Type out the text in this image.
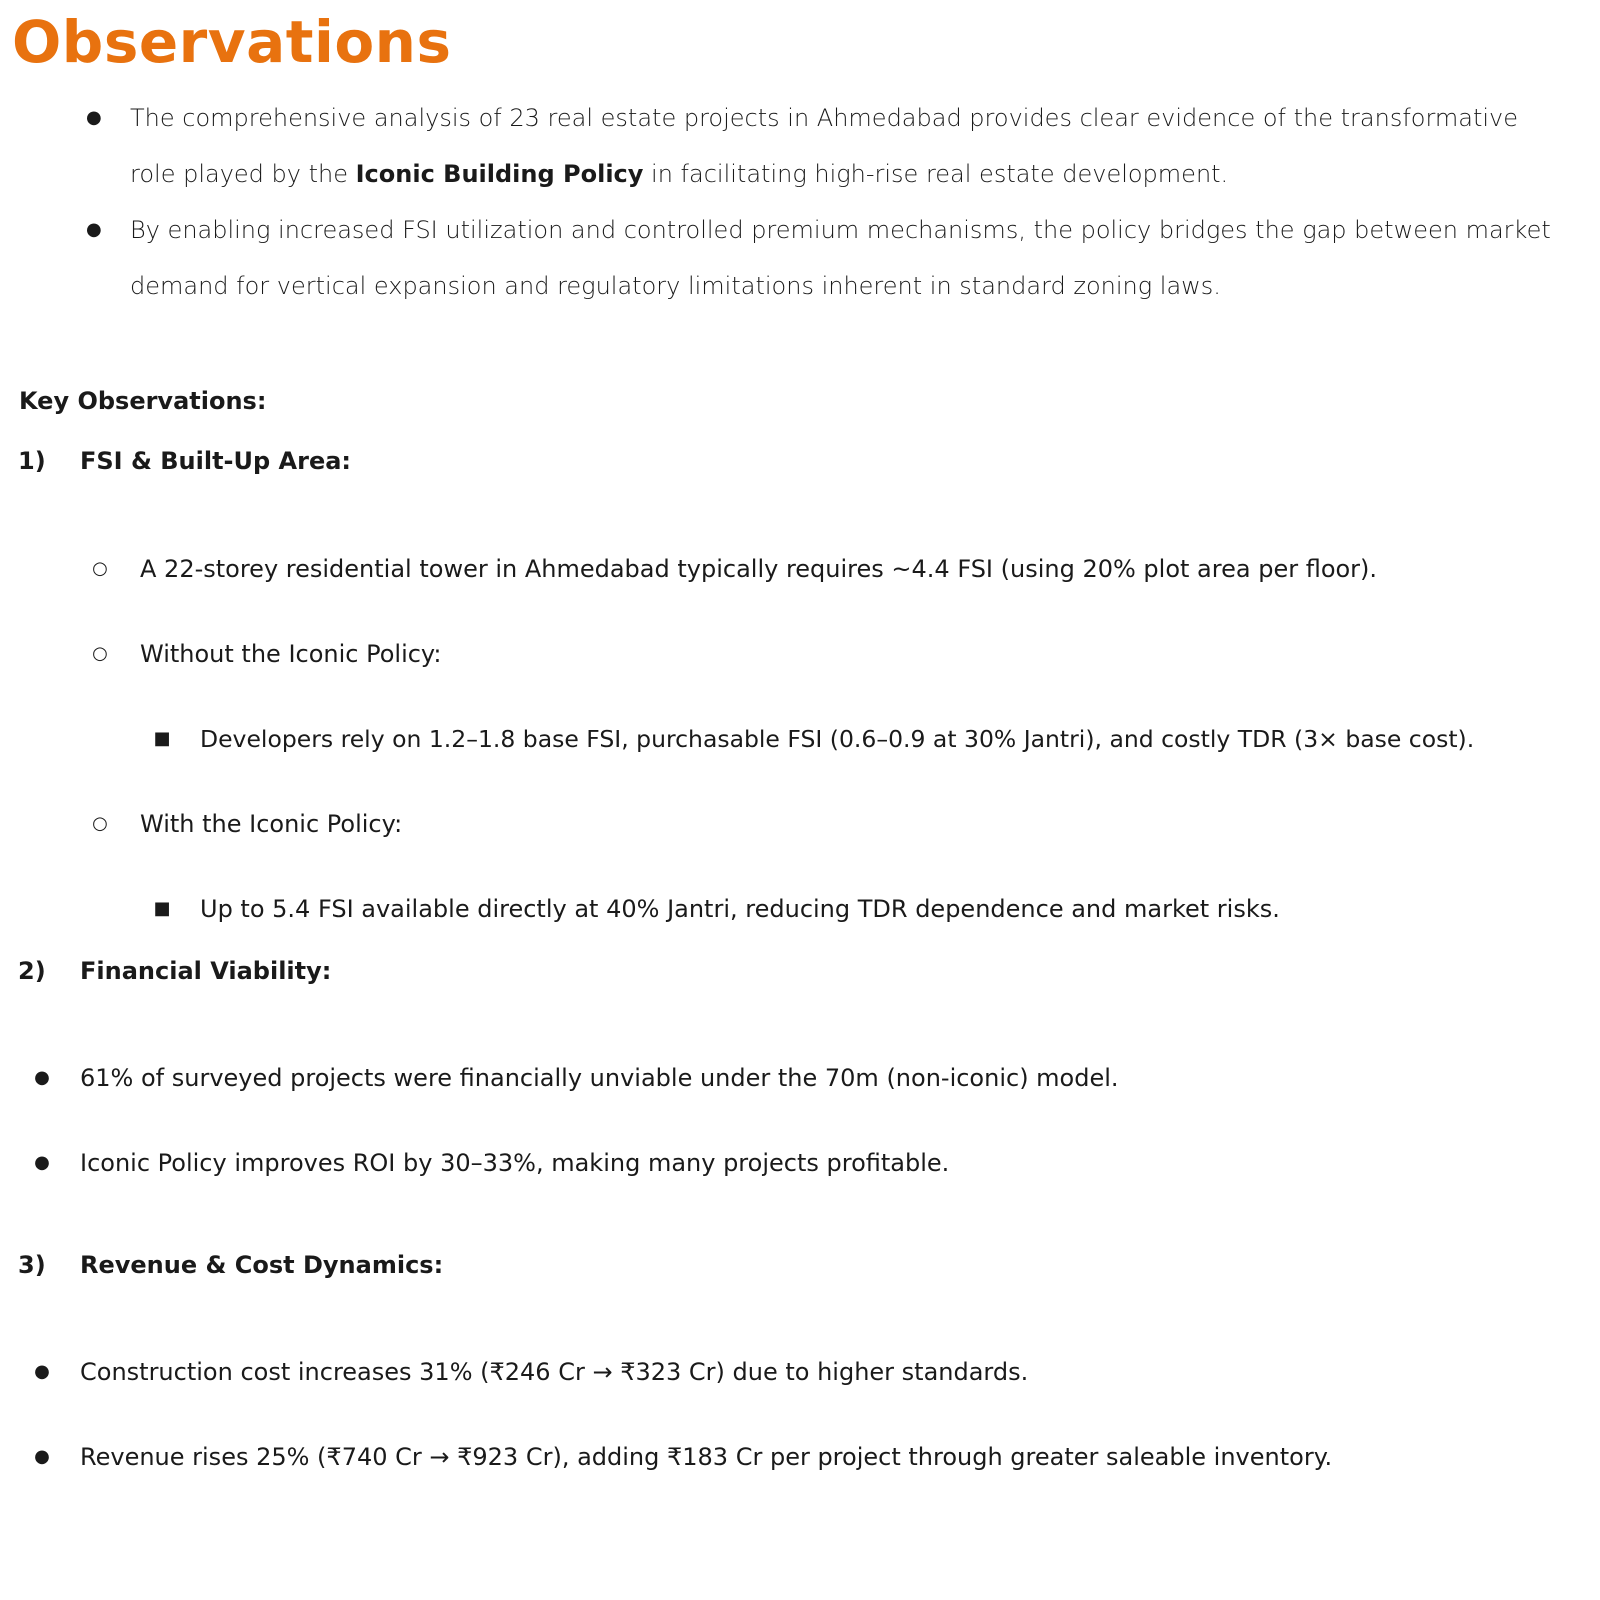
Observations
● The comprehensive analysis of 23 real estate projects in Ahmedabad provides clear evidence of the transformative role played by the Iconic Building Policy in facilitating high-rise real estate development.
● By enabling increased FSI utilization and controlled premium mechanisms, the policy bridges the gap between market demand for vertical expansion and regulatory limitations inherent in standard zoning laws.
Key Observations:
1) FSI & Built-Up Area:
○ A 22-storey residential tower in Ahmedabad typically requires ~4.4 FSI (using 20% plot area per floor).
○ Without the Iconic Policy:
■ Developers rely on 1.2–1.8 base FSI, purchasable FSI (0.6–0.9 at 30% Jantri), and costly TDR (3× base cost).
○ With the Iconic Policy:
■ Up to 5.4 FSI available directly at 40% Jantri, reducing TDR dependence and market risks.
2) Financial Viability:
● 61% of surveyed projects were financially unviable under the 70m (non-iconic) model.
● Iconic Policy improves ROI by 30–33%, making many projects profitable.
3) Revenue & Cost Dynamics:
● Construction cost increases 31% (₹246 Cr → ₹323 Cr) due to higher standards.
● Revenue rises 25% (₹740 Cr → ₹923 Cr), adding ₹183 Cr per project through greater saleable inventory.
